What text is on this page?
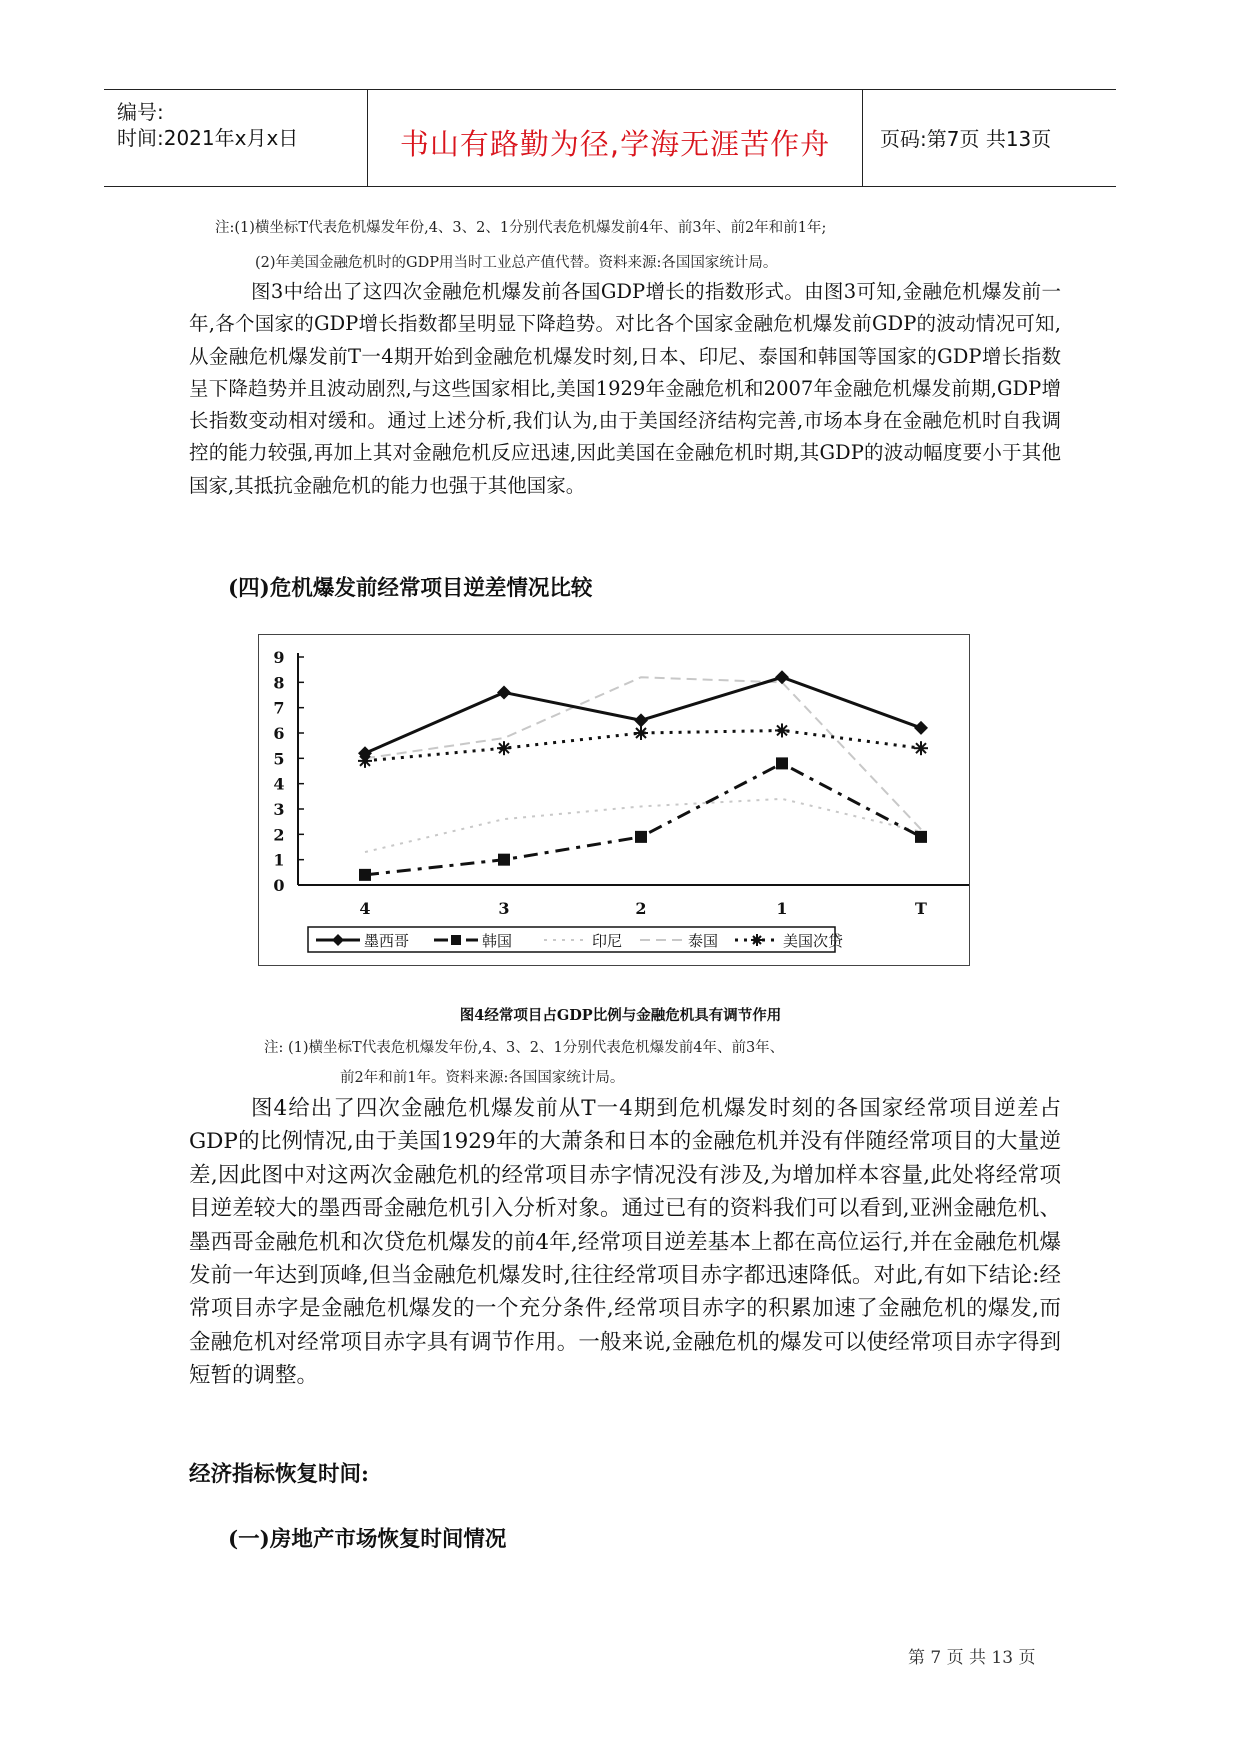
编号:
时间:2021年x月x日	书山有路勤为径,学海无涯苦作舟	页码:第7页 共13页
注:(1)横坐标T代表危机爆发年份,4、3、2、1分别代表危机爆发前4年、前3年、前2年和前1年;
(2)年美国金融危机时的GDP用当时工业总产值代替。资料来源:各国国家统计局。

图3中给出了这四次金融危机爆发前各国GDP增长的指数形式。由图3可知,金融危机爆发前一年,各个国家的GDP增长指数都呈明显下降趋势。对比各个国家金融危机爆发前GDP的波动情况可知,从金融危机爆发前T一4期开始到金融危机爆发时刻,日本、印尼、泰国和韩国等国家的GDP增长指数呈下降趋势并且波动剧烈,与这些国家相比,美国1929年金融危机和2007年金融危机爆发前期,GDP增长指数变动相对缓和。通过上述分析,我们认为,由于美国经济结构完善,市场本身在金融危机时自我调控的能力较强,再加上其对金融危机反应迅速,因此美国在金融危机时期,其GDP的波动幅度要小于其他国家,其抵抗金融危机的能力也强于其他国家。

(四)危机爆发前经常项目逆差情况比较
0
1
2
3
4
5
6
7
8
9
4	3	2	1	T
墨西哥	韩国	印尼	泰国	美国次贷
图4经常项目占GDP比例与金融危机具有调节作用
注: (1)横坐标T代表危机爆发年份,4、3、2、1分别代表危机爆发前4年、前3年、
前2年和前1年。资料来源:各国国家统计局。

图4给出了四次金融危机爆发前从T一4期到危机爆发时刻的各国家经常项目逆差占GDP的比例情况,由于美国1929年的大萧条和日本的金融危机并没有伴随经常项目的大量逆差,因此图中对这两次金融危机的经常项目赤字情况没有涉及,为增加样本容量,此处将经常项目逆差较大的墨西哥金融危机引入分析对象。通过已有的资料我们可以看到,亚洲金融危机、墨西哥金融危机和次贷危机爆发的前4年,经常项目逆差基本上都在高位运行,并在金融危机爆发前一年达到顶峰,但当金融危机爆发时,往往经常项目赤字都迅速降低。对此,有如下结论:经常项目赤字是金融危机爆发的一个充分条件,经常项目赤字的积累加速了金融危机的爆发,而金融危机对经常项目赤字具有调节作用。一般来说,金融危机的爆发可以使经常项目赤字得到短暂的调整。

经济指标恢复时间:
(一)房地产市场恢复时间情况
第 7 页 共 13 页
